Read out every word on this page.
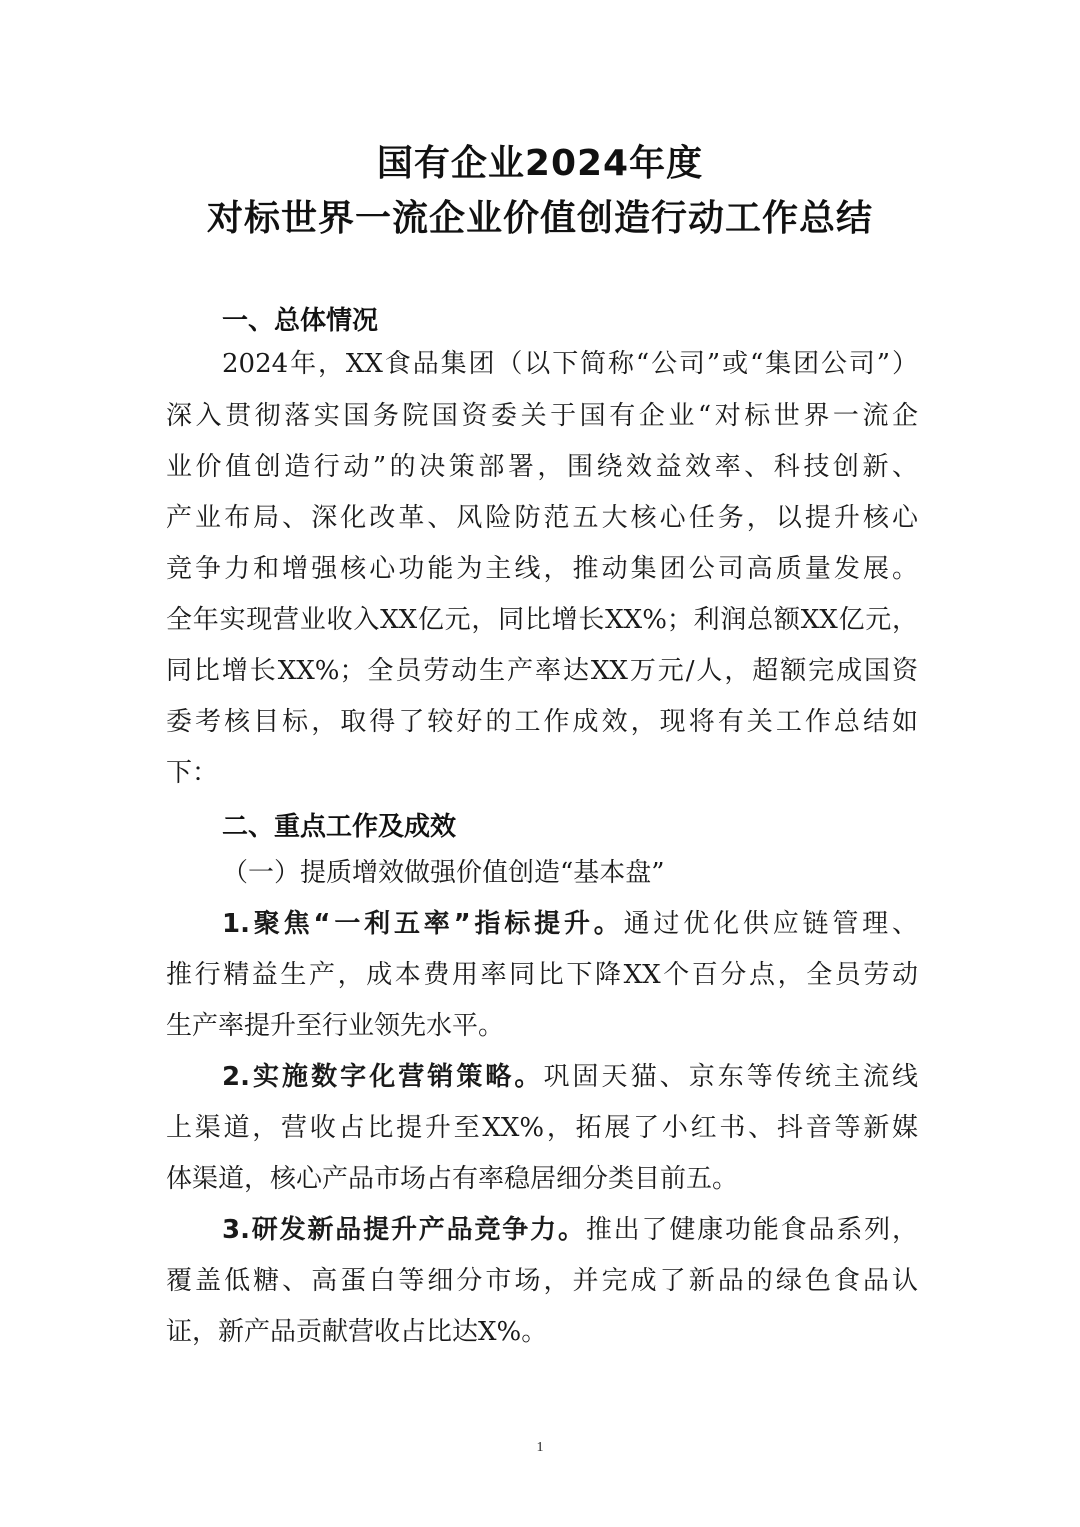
国有企业2024年度
对标世界一流企业价值创造行动工作总结
一、总体情况
2024年，XX食品集团（以下简称“公司”或“集团公司”）
深入贯彻落实国务院国资委关于国有企业“对标世界一流企
业价值创造行动”的决策部署，围绕效益效率、科技创新、
产业布局、深化改革、风险防范五大核心任务，以提升核心
竞争力和增强核心功能为主线，推动集团公司高质量发展。
全年实现营业收入XX亿元，同比增长XX%；利润总额XX亿元，
同比增长XX%；全员劳动生产率达XX万元/人，超额完成国资
委考核目标，取得了较好的工作成效，现将有关工作总结如
下：
二、重点工作及成效
（一）提质增效做强价值创造“基本盘”
1.聚焦“一利五率”指标提升。通过优化供应链管理、
推行精益生产，成本费用率同比下降XX个百分点，全员劳动
生产率提升至行业领先水平。
2.实施数字化营销策略。巩固天猫、京东等传统主流线
上渠道，营收占比提升至XX%，拓展了小红书、抖音等新媒
体渠道，核心产品市场占有率稳居细分类目前五。
3.研发新品提升产品竞争力。推出了健康功能食品系列，
覆盖低糖、高蛋白等细分市场，并完成了新品的绿色食品认
证，新产品贡献营收占比达X%。
1
